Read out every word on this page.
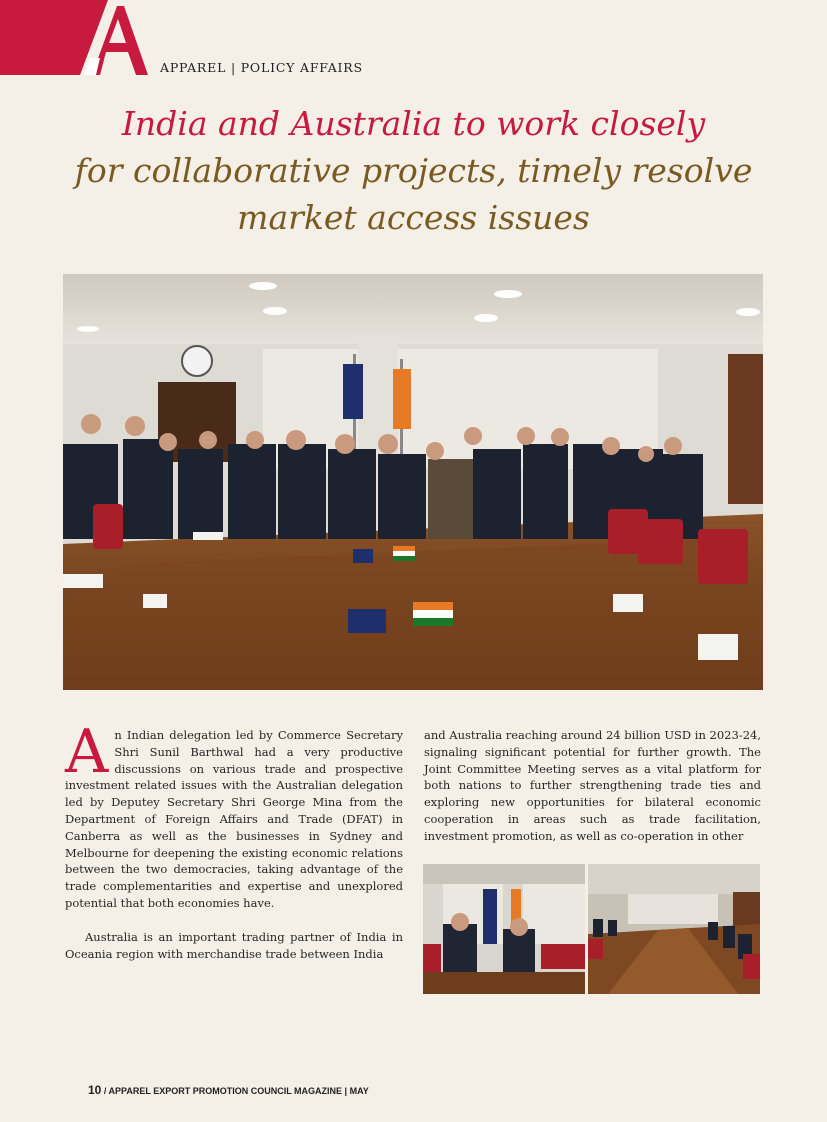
APPAREL | POLICY AFFAIRS
India and Australia to work closely
for collaborative projects, timely resolve
market access issues

An Indian delegation led by Commerce Secretary Shri Sunil Barthwal had a very productive discussions on various trade and prospective investment related issues with the Australian delegation led by Deputey Secretary Shri George Mina from the Department of Foreign Affairs and Trade (DFAT) in Canberra as well as the businesses in Sydney and Melbourne for deepening the existing economic relations between the two democracies, taking advantage of the trade complementarities and expertise and unexplored potential that both economies have.

Australia is an important trading partner of India in Oceania region with merchandise trade between India

and Australia reaching around 24 billion USD in 2023-24, signaling significant potential for further growth. The Joint Committee Meeting serves as a vital platform for both nations to further strengthening trade ties and exploring new opportunities for bilateral economic cooperation in areas such as trade facilitation, investment promotion, as well as co-operation in other

10 / APPAREL EXPORT PROMOTION COUNCIL MAGAZINE | MAY
